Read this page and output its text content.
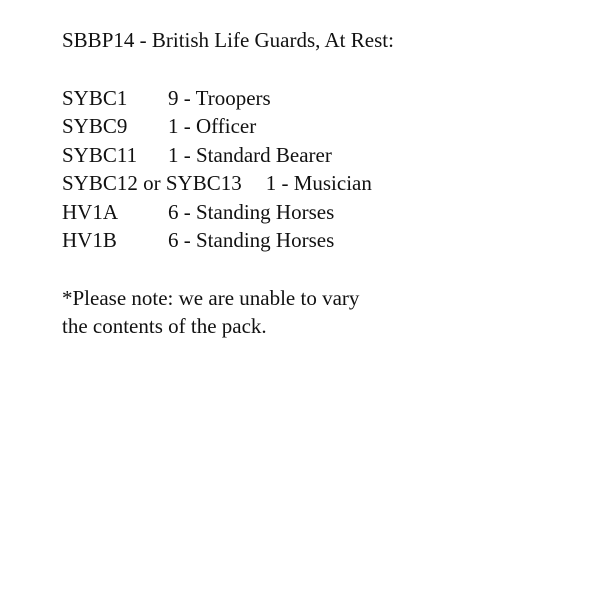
SBBP14 - British Life Guards, At Rest:
SYBC1 9 - Troopers
SYBC9 1 - Officer
SYBC11 1 - Standard Bearer
SYBC12 or SYBC13 1 - Musician
HV1A 6 - Standing Horses
HV1B 6 - Standing Horses

*Please note: we are unable to vary
the contents of the pack.
